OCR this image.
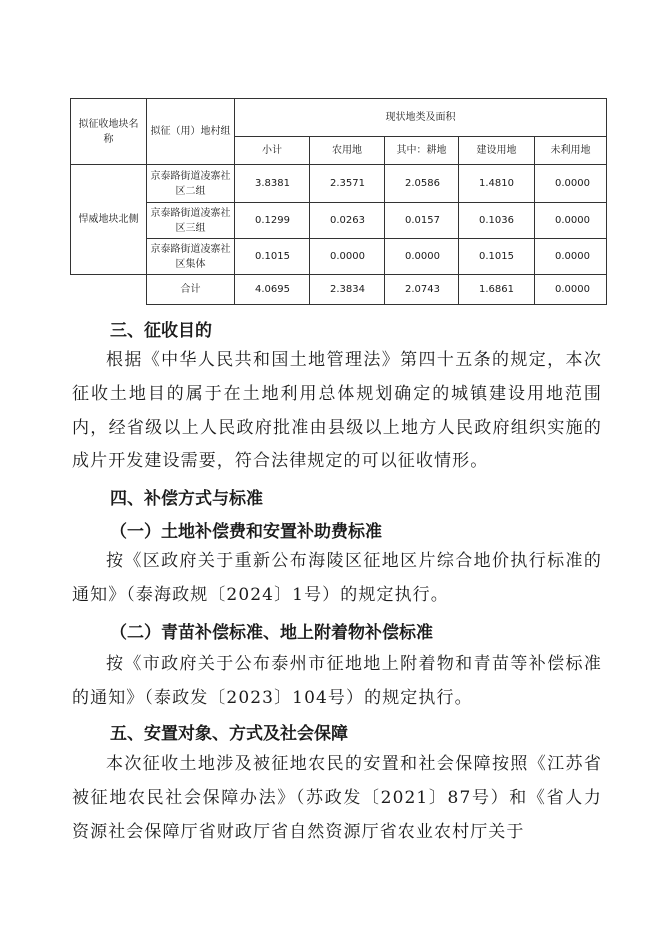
拟征收地块名称	拟征（用）地村组	现状地类及面积				
		小计	农用地	其中：耕地	建设用地	未利用地
悍威地块北侧	京泰路街道凌寨社区二组	3.8381	2.3571	2.0586	1.4810	0.0000
	京泰路街道凌寨社区三组	0.1299	0.0263	0.0157	0.1036	0.0000
	京泰路街道凌寨社区集体	0.1015	0.0000	0.0000	0.1015	0.0000
	合计	4.0695	2.3834	2.0743	1.6861	0.0000
三、征收目的
根据《中华人民共和国土地管理法》第四十五条的规定，本次征收土地目的属于在土地利用总体规划确定的城镇建设用地范围内，经省级以上人民政府批准由县级以上地方人民政府组织实施的成片开发建设需要，符合法律规定的可以征收情形。
四、补偿方式与标准
（一）土地补偿费和安置补助费标准
按《区政府关于重新公布海陵区征地区片综合地价执行标准的通知》（泰海政规〔2024〕1号）的规定执行。
（二）青苗补偿标准、地上附着物补偿标准
按《市政府关于公布泰州市征地地上附着物和青苗等补偿标准的通知》（泰政发〔2023〕104号）的规定执行。
五、安置对象、方式及社会保障
本次征收土地涉及被征地农民的安置和社会保障按照《江苏省被征地农民社会保障办法》（苏政发〔2021〕87号）和《省人力资源社会保障厅省财政厅省自然资源厅省农业农村厅关于
